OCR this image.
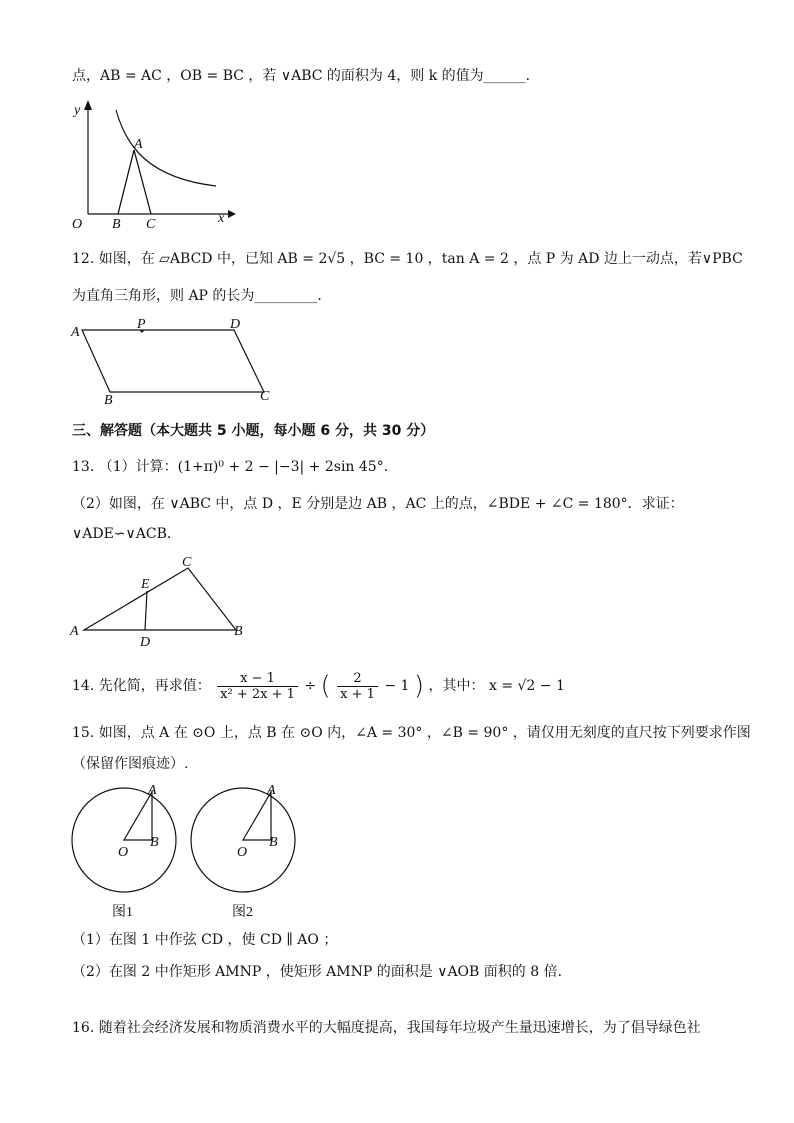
点，AB = AC ，OB = BC ，若 ∨ABC 的面积为 4，则 k 的值为______．
y
x
O
A
B C
12. 如图，在 ▱ABCD 中，已知 AB = 2√5 ，BC = 10 ，tan A = 2 ，点 P 为 AD 边上一动点，若∨PBC
为直角三角形，则 AP 的长为_________．
A
P	D
B	C
三、解答题（本大题共 5 小题，每小题 6 分，共 30 分）
13. （1）计算：(1+π)⁰ + 2 − |−3| + 2sin 45°．
（2）如图，在 ∨ABC 中，点 D ，E 分别是边 AB ，AC 上的点，∠BDE + ∠C = 180°．求证：
∨ADE∽∨ACB．
A	B
C
D
E
14. 先化简，再求值： $\frac{x - 1}{\text{x² + 2x + 1}}$ ÷ ( $\frac{2}{x + 1} - 1$ ) ，其中： x = √2 − 1
15. 如图，点 A 在 ⊙O 上，点 B 在 ⊙O 内，∠A = 30° ，∠B = 90° ，请仅用无刻度的直尺按下列要求作图
（保留作图痕迹）.
A
B
O
图1
A
B
O
图2
（1）在图 1 中作弦 CD ，使 CD ∥ AO ；
（2）在图 2 中作矩形 AMNP ，使矩形 AMNP 的面积是 ∨AOB 面积的 8 倍．
16. 随着社会经济发展和物质消费水平的大幅度提高，我国每年垃圾产生量迅速增长，为了倡导绿色社
